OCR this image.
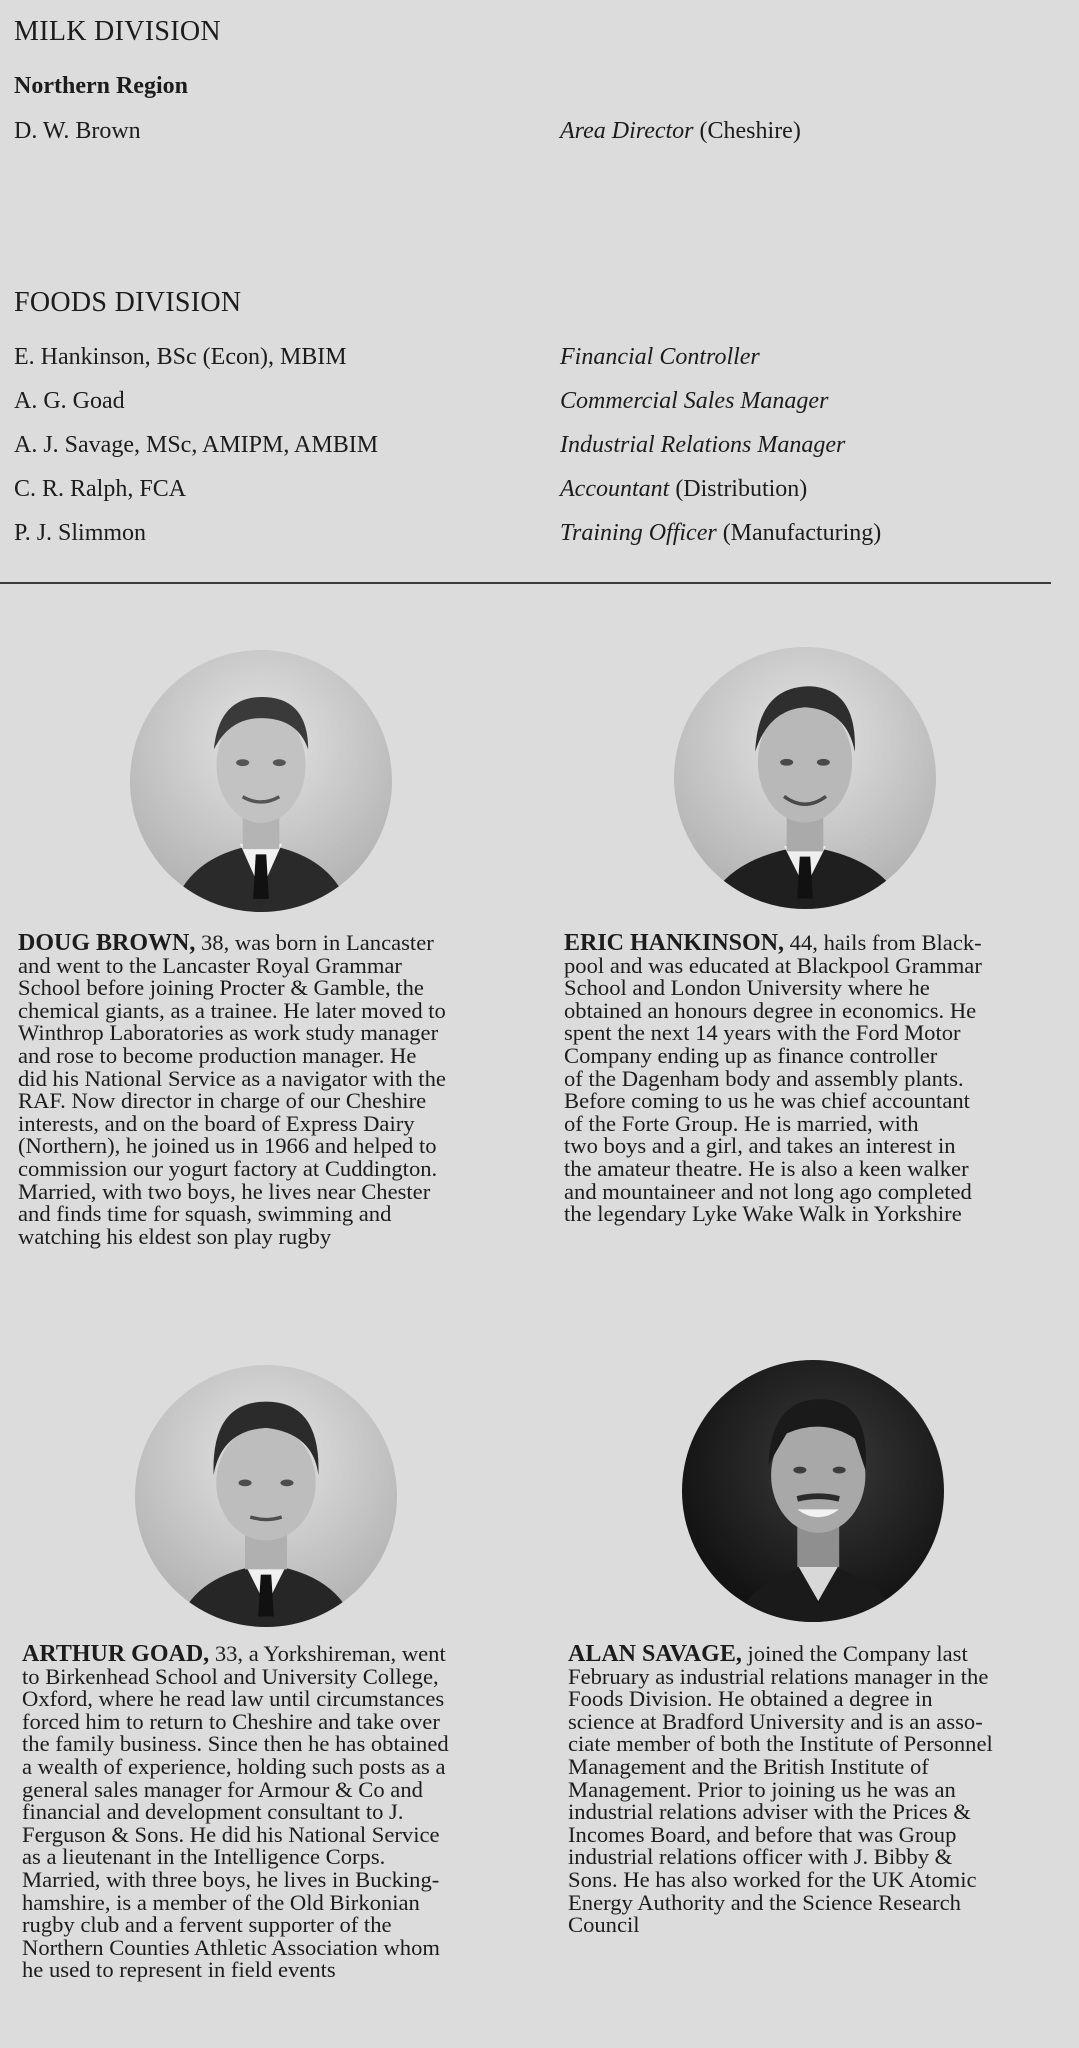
MILK DIVISION
Northern Region
D. W. Brown	Area Director (Cheshire)
FOODS DIVISION
E. Hankinson, BSc (Econ), MBIM	Financial Controller
A. G. Goad	Commercial Sales Manager
A. J. Savage, MSc, AMIPM, AMBIM	Industrial Relations Manager
C. R. Ralph, FCA	Accountant (Distribution)
P. J. Slimmon	Training Officer (Manufacturing)
DOUG BROWN, 38, was born in Lancaster
and went to the Lancaster Royal Grammar
School before joining Procter & Gamble, the
chemical giants, as a trainee. He later moved to
Winthrop Laboratories as work study manager
and rose to become production manager. He
did his National Service as a navigator with the
RAF. Now director in charge of our Cheshire
interests, and on the board of Express Dairy
(Northern), he joined us in 1966 and helped to
commission our yogurt factory at Cuddington.
Married, with two boys, he lives near Chester
and finds time for squash, swimming and
watching his eldest son play rugby
ERIC HANKINSON, 44, hails from Black-
pool and was educated at Blackpool Grammar
School and London University where he
obtained an honours degree in economics. He
spent the next 14 years with the Ford Motor
Company ending up as finance controller
of the Dagenham body and assembly plants.
Before coming to us he was chief accountant
of the Forte Group. He is married, with
two boys and a girl, and takes an interest in
the amateur theatre. He is also a keen walker
and mountaineer and not long ago completed
the legendary Lyke Wake Walk in Yorkshire
ARTHUR GOAD, 33, a Yorkshireman, went
to Birkenhead School and University College,
Oxford, where he read law until circumstances
forced him to return to Cheshire and take over
the family business. Since then he has obtained
a wealth of experience, holding such posts as a
general sales manager for Armour & Co and
financial and development consultant to J.
Ferguson & Sons. He did his National Service
as a lieutenant in the Intelligence Corps.
Married, with three boys, he lives in Bucking-
hamshire, is a member of the Old Birkonian
rugby club and a fervent supporter of the
Northern Counties Athletic Association whom
he used to represent in field events
ALAN SAVAGE, joined the Company last
February as industrial relations manager in the
Foods Division. He obtained a degree in
science at Bradford University and is an asso-
ciate member of both the Institute of Personnel
Management and the British Institute of
Management. Prior to joining us he was an
industrial relations adviser with the Prices &
Incomes Board, and before that was Group
industrial relations officer with J. Bibby &
Sons. He has also worked for the UK Atomic
Energy Authority and the Science Research
Council
